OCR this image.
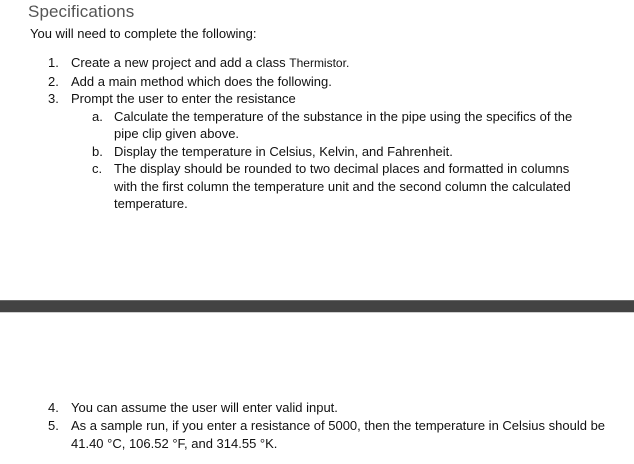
Specifications
You will need to complete the following:
1. Create a new project and add a class Thermistor.
2. Add a main method which does the following.
3. Prompt the user to enter the resistance
a. Calculate the temperature of the substance in the pipe using the specifics of the pipe clip given above.
b. Display the temperature in Celsius, Kelvin, and Fahrenheit.
c. The display should be rounded to two decimal places and formatted in columns with the first column the temperature unit and the second column the calculated temperature.
4. You can assume the user will enter valid input.
5. As a sample run, if you enter a resistance of 5000, then the temperature in Celsius should be 41.40 °C, 106.52 °F, and 314.55 °K.
